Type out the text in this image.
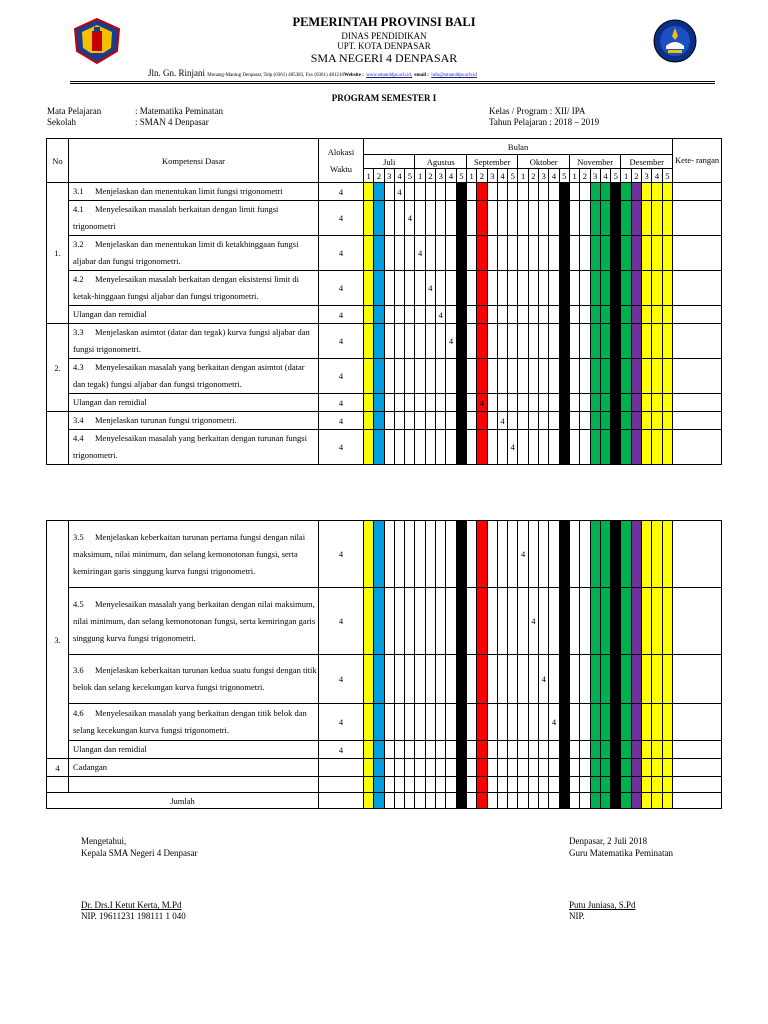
PEMERINTAH PROVINSI BALI
DINAS PENDIDIKAN
UPT. KOTA DENPASAR
SMA NEGERI 4 DENPASAR
Jln. Gn. Rinjani Monang-Maning Denpasar, Telp (0361) 485383, Fax (0361) 481216Website : www.sman4dps.sch.id, email : info@sman4dps.sch.id
PROGRAM SEMESTER I
Mata Pelajaran	: Matematika Peminatan
Sekolah	: SMAN 4 Denpasar
Kelas / Program : XII/ IPA
Tahun Pelajaran : 2018 – 2019
No	Kompetensi Dasar	Alokasi Waktu	Bulan																														Kete- rangan
			Juli					Agustus					September					Oktober					November					Desember					
			1	2	3	4	5	1	2	3	4	5	1	2	3	4	5	1	2	3	4	5	1	2	3	4	5	1	2	3	4	5	
1.	3.1 Menjelaskan dan menentukan limit fungsi trigonometri	4				4																											
	4.1 Menyelesaikan masalah berkaitan dengan limit fungsi trigonometri	4					4																										
	3.2 Menjelaskan dan menentukan limit di ketakhinggaan fungsi aljabar dan fungsi trigonometri.	4						4																									
	4.2 Menyelesaikan masalah berkaitan dengan eksistensi limit di ketak-hinggaan fungsi aljabar dan fungsi trigonometri.	4							4																								
	Ulangan dan remidial	4								4																							
2.	3.3 Menjelaskan asimtot (datar dan tegak) kurva fungsi aljabar dan fungsi trigonometri.	4									4																						
	4.3 Menyelesaikan masalah yang berkaitan dengan asimtot (datar dan tegak) fungsi aljabar dan fungsi trigonometri.	4										4																					
	Ulangan dan remidial	4												4																			
	3.4 Menjelaskan turunan fungsi trigonometri.	4														4																	
	4.4 Menyelesaikan masalah yang berkaitan dengan turunan fungsi trigonometri.	4															4																
3.	3.5 Menjelaskan keberkaitan turunan pertama fungsi dengan nilai maksimum, nilai minimum, dan selang kemonotonan fungsi, serta kemiringan garis singgung kurva fungsi trigonometri.	4																4															
	4.5 Menyelesaikan masalah yang berkaitan dengan nilai maksimum, nilai minimum, dan selang kemonotonan fungsi, serta kemiringan garis singgung kurva fungsi trigonometri.	4																	4														
	3.6 Menjelaskan keberkaitan turunan kedua suatu fungsi dengan titik belok dan selang kecekungan kurva fungsi trigonometri.	4																		4													
	4.6 Menyelesaikan masalah yang berkaitan dengan titik belok dan selang kecekungan kurva fungsi trigonometri.	4																			4												
	Ulangan dan remidial	4																				4											
4	Cadangan																																

Jumlah																																	
Mengetahui,
Kepala SMA Negeri 4 Denpasar
Dr. Drs.I Ketut Kerta, M.Pd
NIP. 19611231 198111 1 040
Denpasar, 2 Juli 2018
Guru Matematika Peminatan
Putu Juniasa, S.Pd
NIP.
